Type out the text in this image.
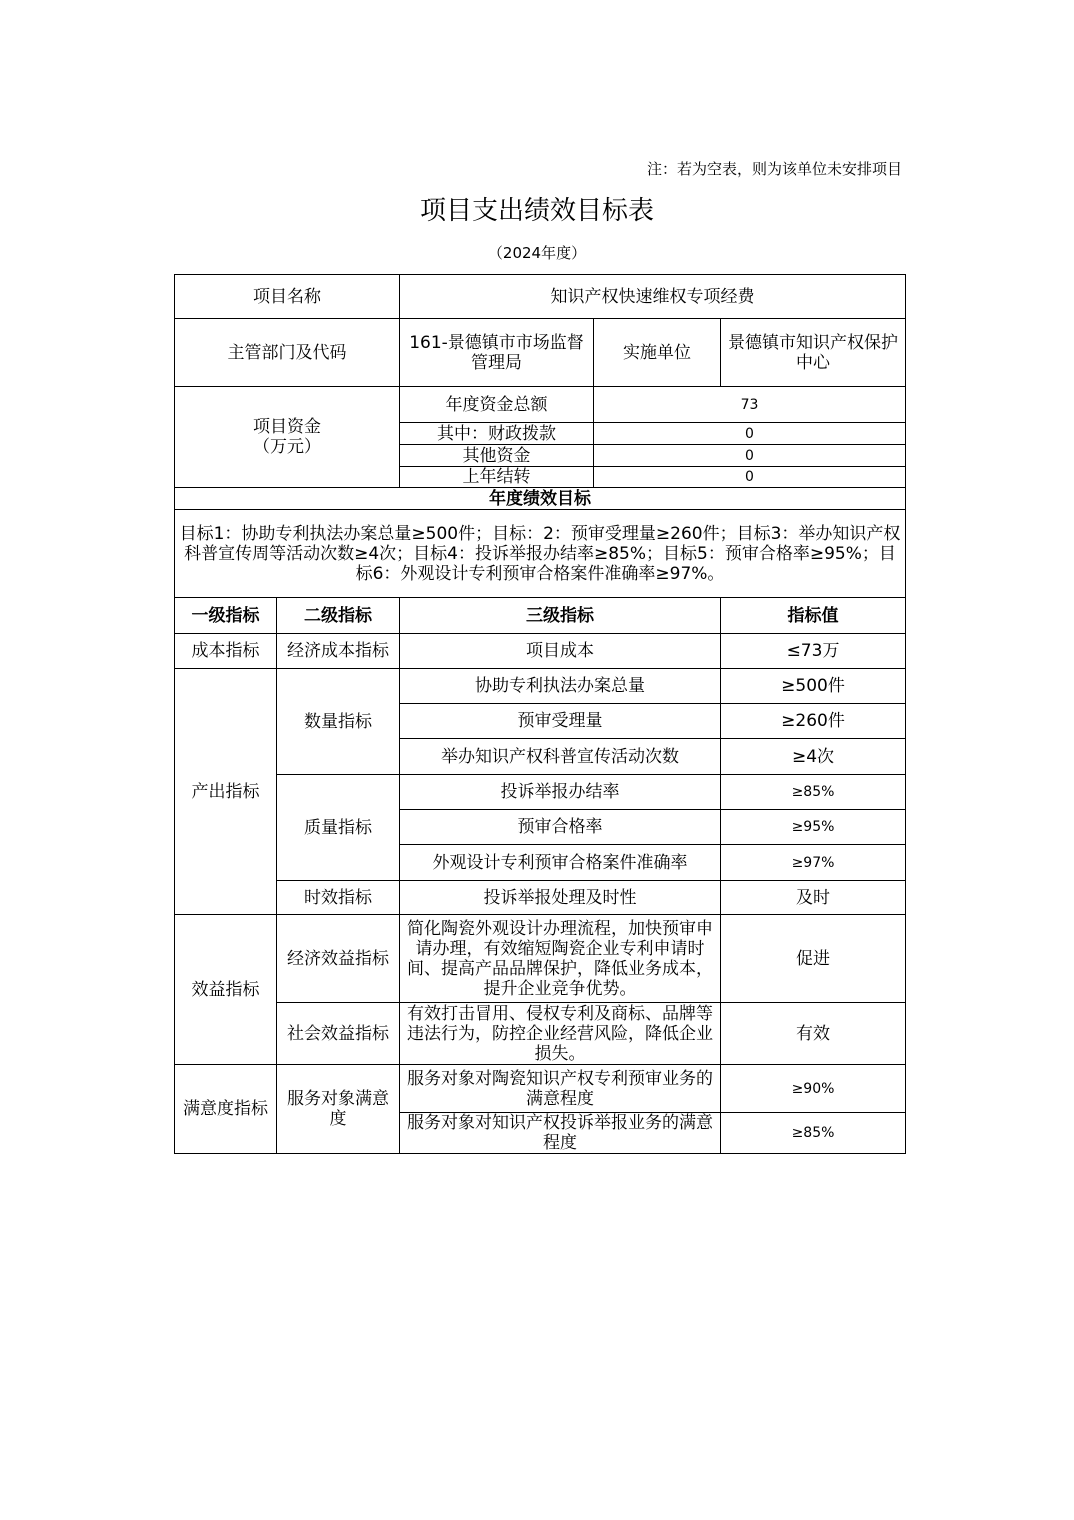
注：若为空表，则为该单位未安排项目
项目支出绩效目标表
（2024年度）
项目名称		知识产权快速维权专项经费		
主管部门及代码		161-景德镇市市场监督管理局	实施单位	景德镇市知识产权保护中心
项目资金
（万元）		年度资金总额	73	
		其中：财政拨款	0	
		其他资金	0	
		上年结转	0	
年度绩效目标				
目标1：协助专利执法办案总量≥500件；目标：2：预审受理量≥260件；目标3：举办知识产权科普宣传周等活动次数≥4次；目标4：投诉举报办结率≥85%；目标5：预审合格率≥95%；目标6：外观设计专利预审合格案件准确率≥97%。				
一级指标	二级指标	三级指标		指标值
成本指标	经济成本指标	项目成本		≤73万
产出指标	数量指标	协助专利执法办案总量		≥500件
		预审受理量		≥260件
		举办知识产权科普宣传活动次数		≥4次
	质量指标	投诉举报办结率		≥85%
		预审合格率		≥95%
		外观设计专利预审合格案件准确率		≥97%
	时效指标	投诉举报处理及时性		及时
效益指标	经济效益指标	简化陶瓷外观设计办理流程，加快预审申请办理，有效缩短陶瓷企业专利申请时间、提高产品品牌保护，降低业务成本，提升企业竞争优势。		促进
	社会效益指标	有效打击冒用、侵权专利及商标、品牌等违法行为，防控企业经营风险，降低企业损失。		有效
满意度指标	服务对象满意度	服务对象对陶瓷知识产权专利预审业务的满意程度		≥90%
		服务对象对知识产权投诉举报业务的满意程度		≥85%
